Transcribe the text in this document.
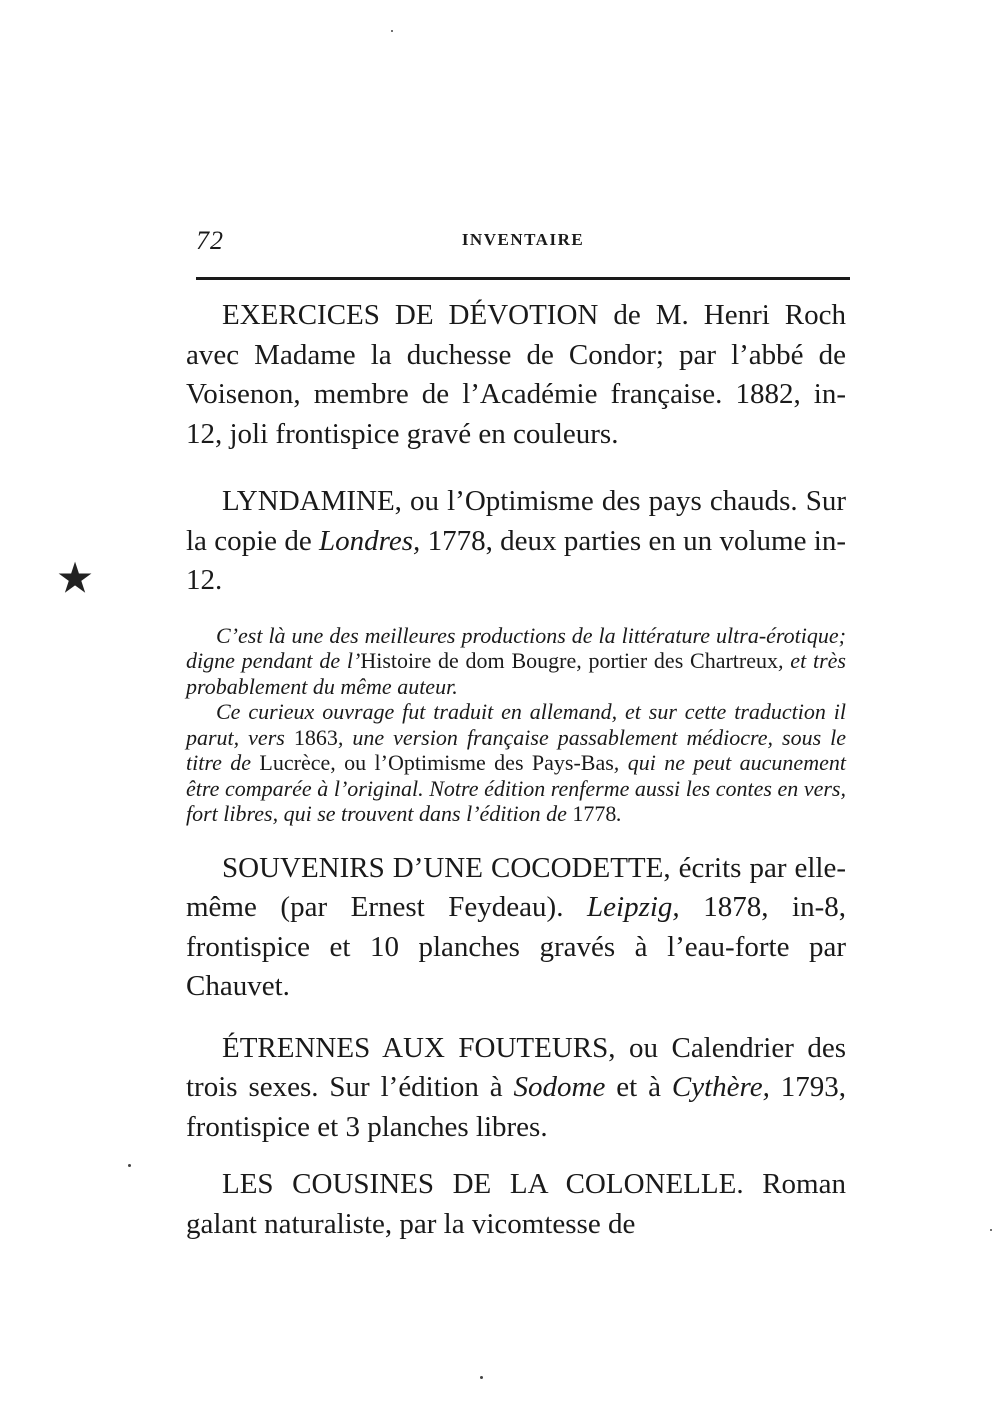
72	INVENTAIRE
★

EXERCICES DE DÉVOTION de M. Henri Roch avec Madame la duchesse de Condor; par l’abbé de Voisenon, membre de l’Académie française. 1882, in-12, joli frontispice gravé en couleurs.

LYNDAMINE, ou l’Optimisme des pays chauds. Sur la copie de Londres, 1778, deux parties en un volume in-12.

C’est là une des meilleures productions de la littérature ultra-érotique; digne pendant de l’Histoire de dom Bougre, portier des Chartreux, et très probablement du même auteur.

Ce curieux ouvrage fut traduit en allemand, et sur cette traduction il parut, vers 1863, une version française passablement médiocre, sous le titre de Lucrèce, ou l’Optimisme des Pays-Bas, qui ne peut aucunement être comparée à l’original. Notre édition renferme aussi les contes en vers, fort libres, qui se trouvent dans l’édition de 1778.

SOUVENIRS D’UNE COCODETTE, écrits par elle-même (par Ernest Feydeau). Leipzig, 1878, in-8, frontispice et 10 planches gravés à l’eau-forte par Chauvet.

ÉTRENNES AUX FOUTEURS, ou Calendrier des trois sexes. Sur l’édition à Sodome et à Cythère, 1793, frontispice et 3 planches libres.

LES COUSINES DE LA COLONELLE. Roman galant naturaliste, par la vicomtesse de
